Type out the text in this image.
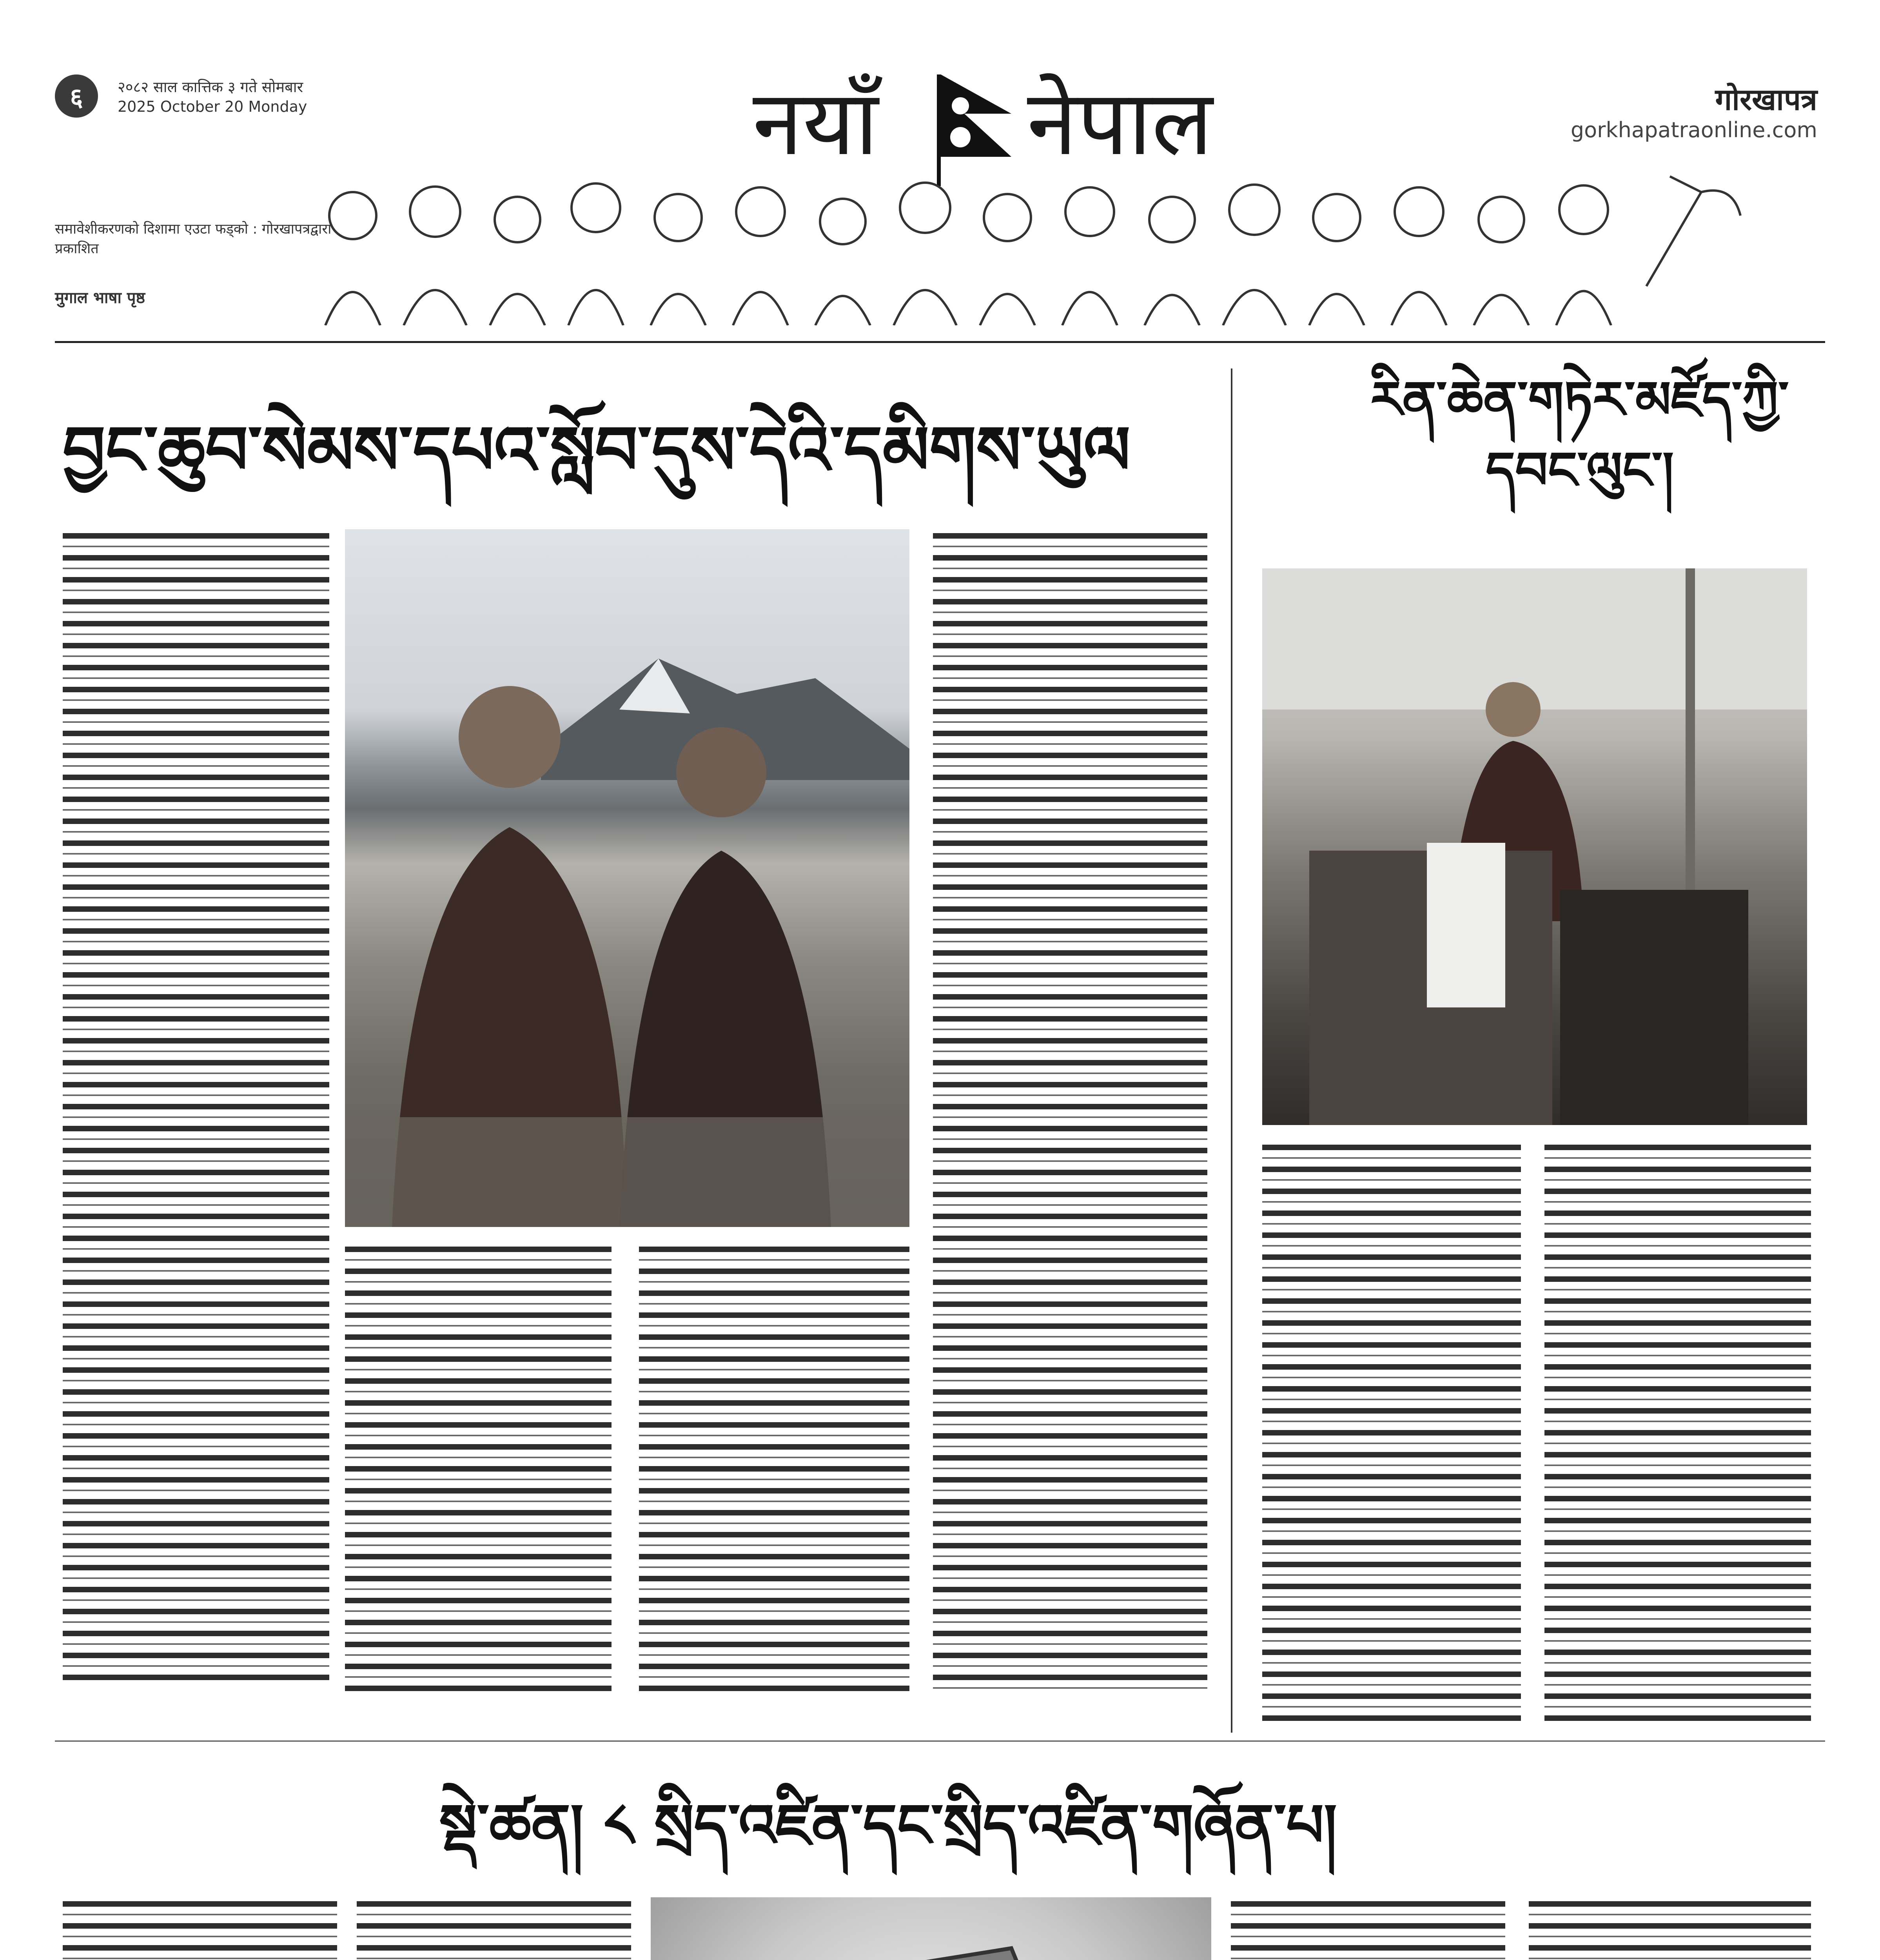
६ २०८२ साल कात्तिक ३ गते सोमबार
2025 October 20 Monday	नयाँ नेपाल	गोरखापत्र
gorkhapatraonline.com
समावेशीकरणको दिशामा एउटा फड्को : गोरखापत्रद्वारा प्रकाशित
मुगाल भाषा पृष्ठ
བྱང་ཆུབ་སེམས་དཔའ་སློབ་དུས་དེའི་དམིགས་ཡུལ
རིན་ཆེན་གཏེར་མཛོད་ཀྱི་དབང་ལུང་།
སྡེ་ཚན། ༨ སྲིད་འཛིན་དང་སྲིད་འཛིན་གཞོན་པ།
